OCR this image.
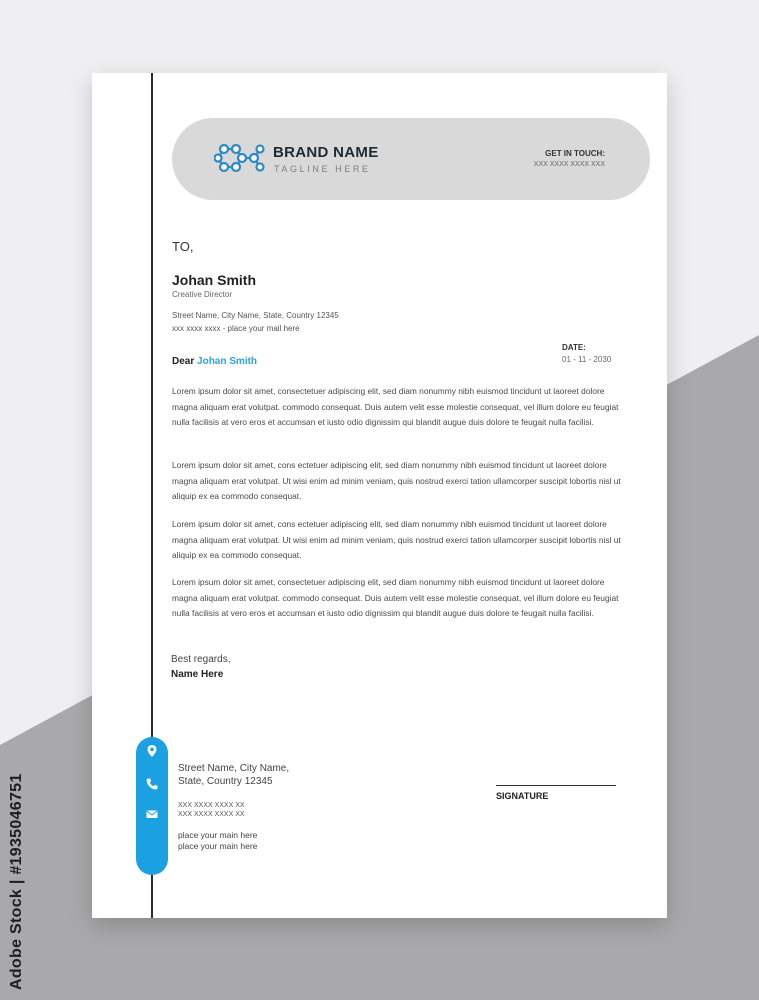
Adobe Stock | #193504675​1
BRAND NAME
TAGLINE HERE
GET IN TOUCH:
XXX XXXX XXXX XXX
TO,
Johan Smith
Creative Director
Street Name, City Name, State, Country 12345
xxx xxxx xxxx - place your mail here
DATE:
01 - 11 - 2030
Dear Johan Smith

Lorem ipsum dolor sit amet, consectetuer adipiscing elit, sed diam nonummy nibh euismod tincidunt ut laoreet dolore magna aliquam erat volutpat. commodo consequat. Duis autem velit esse molestie consequat, vel illum dolore eu feugiat nulla facilisis at vero eros et accumsan et iusto odio dignissim qui blandit augue duis dolore te feugait nulla facilisi.

Lorem ipsum dolor sit amet, cons ectetuer adipiscing elit, sed diam nonummy nibh euismod tincidunt ut laoreet dolore magna aliquam erat volutpat. Ut wisi enim ad minim veniam, quis nostrud exerci tation ullamcorper suscipit lobortis nisl ut aliquip ex ea commodo consequat.

Lorem ipsum dolor sit amet, cons ectetuer adipiscing elit, sed diam nonummy nibh euismod tincidunt ut laoreet dolore magna aliquam erat volutpat. Ut wisi enim ad minim veniam, quis nostrud exerci tation ullamcorper suscipit lobortis nisl ut aliquip ex ea commodo consequat.

Lorem ipsum dolor sit amet, consectetuer adipiscing elit, sed diam nonummy nibh euismod tincidunt ut laoreet dolore magna aliquam erat volutpat. commodo consequat. Duis autem velit esse molestie consequat, vel illum dolore eu feugiat nulla facilisis at vero eros et accumsan et iusto odio dignissim qui blandit augue duis dolore te feugait nulla facilisi.

Best regards,
Name Here
Street Name, City Name,
State, Country 12345
XXX XXXX XXXX XX
XXX XXXX XXXX XX
place your main here
place your main here
SIGNATURE
